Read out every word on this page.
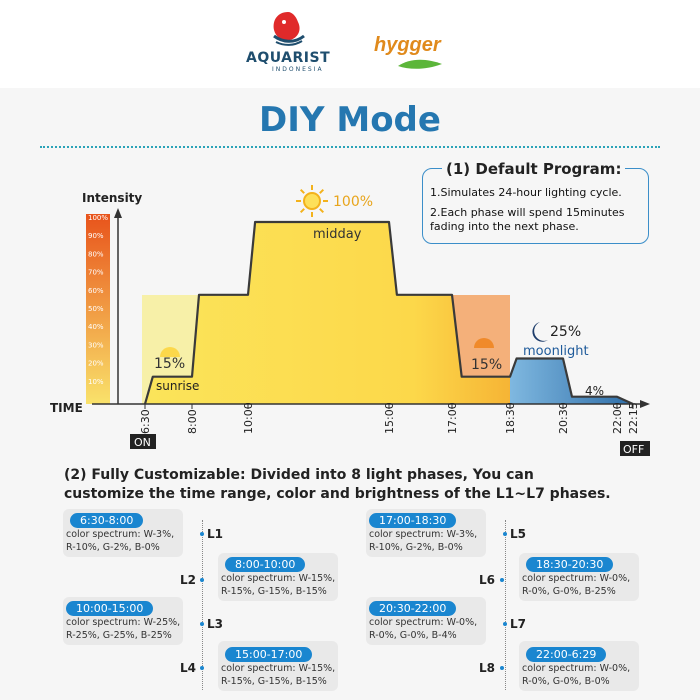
AQUARIST
INDONESIA
hygger
DIY Mode
10%
20%
30%
40%
50%
60%
70%
80%
90%
100%
Intensity
TIME
6:30	8:00	10:00	15:00	17:00	18:30	20:30	22:00 22:15
ON
OFF
100%
midday
15%
sunrise
15%
25%
moonlight
4%
(1) Default Program:
1.Simulates 24-hour lighting cycle.
2.Each phase will spend 15minutes
fading into the next phase.
(2) Fully Customizable: Divided into 8 light phases, You can
customize the time range, color and brightness of the L1~L7 phases.
6:30-8:00
color spectrum: W-3%,
R-10%, G-2%, B-0%
L1
8:00-10:00
color spectrum: W-15%,
R-15%, G-15%, B-15%
L2
10:00-15:00
color spectrum: W-25%,
R-25%, G-25%, B-25%
L3
15:00-17:00
color spectrum: W-15%,
R-15%, G-15%, B-15%
L4
17:00-18:30
color spectrum: W-3%,
R-10%, G-2%, B-0%
L5
18:30-20:30
color spectrum: W-0%,
R-0%, G-0%, B-25%
L6
20:30-22:00
color spectrum: W-0%,
R-0%, G-0%, B-4%
L7
22:00-6:29
color spectrum: W-0%,
R-0%, G-0%, B-0%
L8
